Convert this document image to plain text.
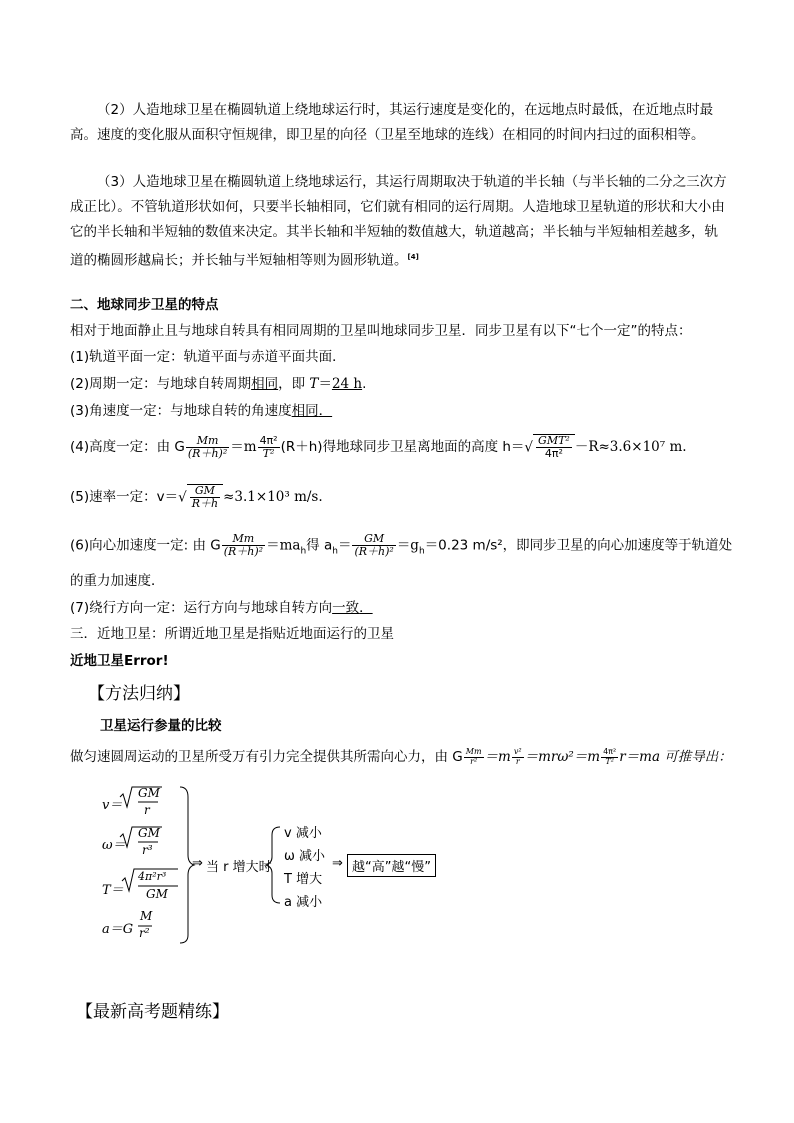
（2）人造地球卫星在椭圆轨道上绕地球运行时，其运行速度是变化的，在远地点时最低，在近地点时最高。速度的变化服从面积守恒规律，即卫星的向径（卫星至地球的连线）在相同的时间内扫过的面积相等。

（3）人造地球卫星在椭圆轨道上绕地球运行，其运行周期取决于轨道的半长轴（与半长轴的二分之三次方成正比）。不管轨道形状如何，只要半长轴相同，它们就有相同的运行周期。人造地球卫星轨道的形状和大小由它的半长轴和半短轴的数值来决定。其半长轴和半短轴的数值越大，轨道越高；半长轴与半短轴相差越多，轨道的椭圆形越扁长；并长轴与半短轴相等则为圆形轨道。[4]

二、地球同步卫星的特点

相对于地面静止且与地球自转具有相同周期的卫星叫地球同步卫星．同步卫星有以下“七个一定”的特点：

(1)轨道平面一定：轨道平面与赤道平面共面．

(2)周期一定：与地球自转周期相同，即 T＝24 h.

(3)角速度一定：与地球自转的角速度相同．

(4)高度一定：由 G $\frac{Mm}{\text{(R＋h)²}} =m \frac{\text{4π²}}{\text{T²}} (R+h)$得地球同步卫星离地面的高度 $h=√ \frac{\text{GMT²}}{\text{4π²}} -R\approx 3.6\times 10^7$ m.

(5)速率一定：$v=√ \frac{GM}{R+h} \approx 3.1\times 10^3$ m/s.

(6)向心加速度一定: 由 G $\frac{Mm}{\text{(R＋h)²}} =ma_h$得 $a_h= \frac{GM}{\text{(R＋h)²}} =g_h=0.23$ m/s²，即同步卫星的向心加速度等于轨道处

的重力加速度．

(7)绕行方向一定：运行方向与地球自转方向一致．

三．近地卫星：所谓近地卫星是指贴近地面运行的卫星

近地卫星Error!

【方法归纳】

卫星运行参量的比较

做匀速圆周运动的卫星所受万有引力完全提供其所需向心力，由 G $\frac{Mm}{\text{r²}} =m \frac{\text{v²}}{r} =mr\omega^2=m \frac{\text{4π²}}{\text{T²}} r=ma$ 可推导出：

v＝
GM
r
ω＝
GM
r³
T＝
4π²r³
GM
a＝G
M
r²
⇒ 当 r 增大时
v 减小
ω 减小
T 增大
a 减小
⇒ 越“高”越“慢”
【最新高考题精练】
